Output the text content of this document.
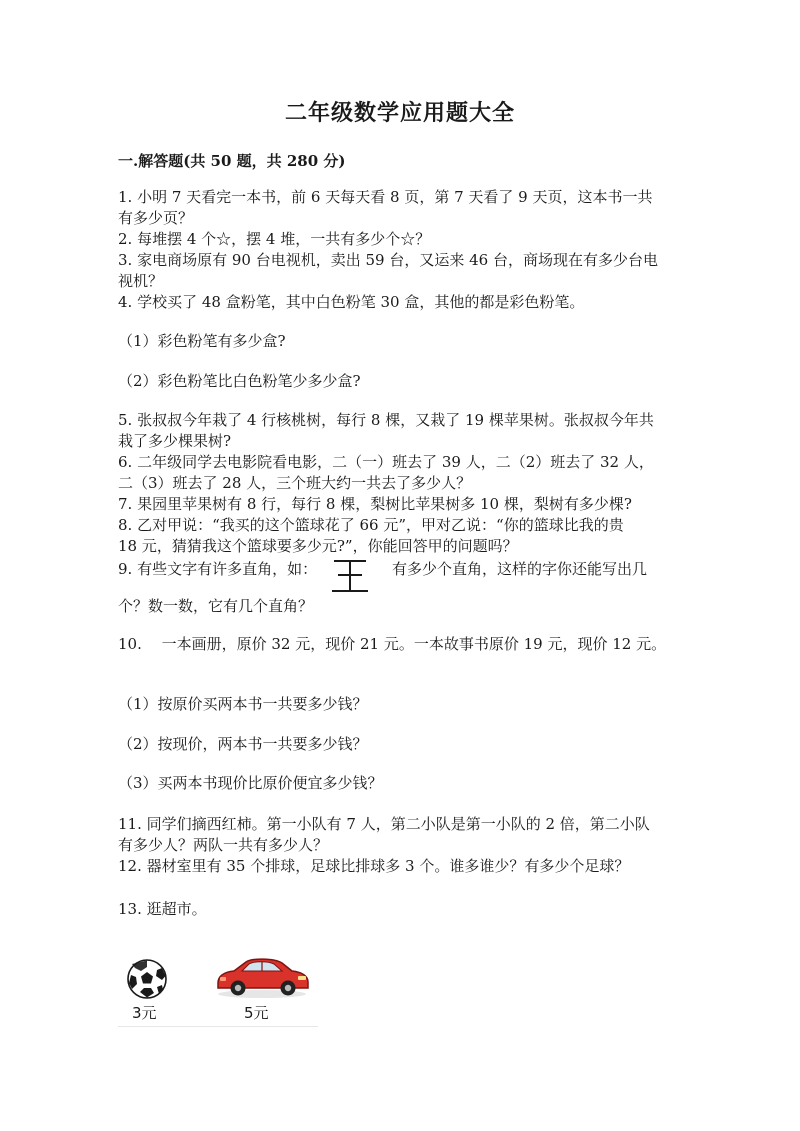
二年级数学应用题大全
一.解答题(共 50 题，共 280 分)
1. 小明 7 天看完一本书，前 6 天每天看 8 页，第 7 天看了 9 天页，这本书一共
有多少页？
2. 每堆摆 4 个☆，摆 4 堆，一共有多少个☆？
3. 家电商场原有 90 台电视机，卖出 59 台，又运来 46 台，商场现在有多少台电
视机？
4. 学校买了 48 盒粉笔，其中白色粉笔 30 盒，其他的都是彩色粉笔。
（1）彩色粉笔有多少盒?
（2）彩色粉笔比白色粉笔少多少盒?
5. 张叔叔今年栽了 4 行核桃树，每行 8 棵，又栽了 19 棵苹果树。张叔叔今年共
栽了多少棵果树?
6. 二年级同学去电影院看电影，二（一）班去了 39 人，二（2）班去了 32 人，
二（3）班去了 28 人，三个班大约一共去了多少人？
7. 果园里苹果树有 8 行，每行 8 棵，梨树比苹果树多 10 棵，梨树有多少棵?
8. 乙对甲说：“我买的这个篮球花了 66 元”，甲对乙说：“你的篮球比我的贵
18 元，猜猜我这个篮球要多少元?”，你能回答甲的问题吗？
9. 有些文字有许多直角，如：	有多少个直角，这样的字你还能写出几
个？数一数，它有几个直角？
10.　 一本画册，原价 32 元，现价 21 元。一本故事书原价 19 元，现价 12 元。
（1）按原价买两本书一共要多少钱？
（2）按现价，两本书一共要多少钱？
（3）买两本书现价比原价便宜多少钱？
11. 同学们摘西红柿。第一小队有 7 人，第二小队是第一小队的 2 倍，第二小队
有多少人？两队一共有多少人？
12. 器材室里有 35 个排球，足球比排球多 3 个。谁多谁少？有多少个足球？
13. 逛超市。
3元	5元
